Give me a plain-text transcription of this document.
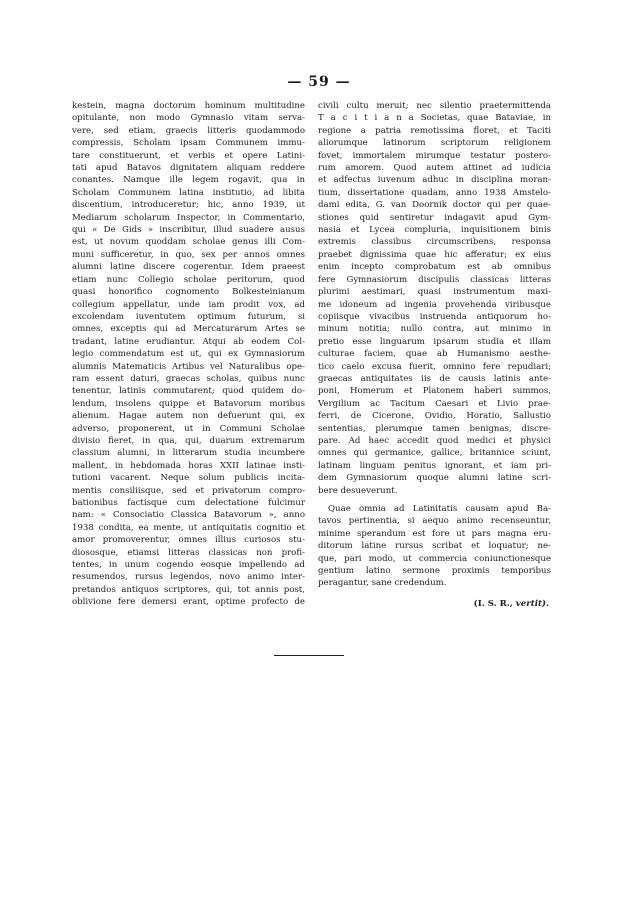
— 59 —
kestein, magna doctorum hominum multitudine
opitulante, non modo Gymnasio vitam serva-
vere, sed etiam, graecis litteris quodammodo
compressis, Scholam ipsam Communem immu-
tare constituerunt, et verbis et opere Latini-
tati apud Batavos dignitatem aliquam reddere
conantes. Namque ille legem rogavit, qua in
Scholam Communem latina institutio, ad libita
discentium, introduceretur; hic, anno 1939, ut
Mediarum scholarum Inspector, in Commentario,
qui « De Gids » inscribitur, illud suadere ausus
est, ut novum quoddam scholae genus illi Com-
muni sufficeretur, in quo, sex per annos omnes
alumni latine discere cogerentur. Idem praeest
etiam nunc Collegio scholae peritorum, quod
quasi honorifico cognomento Bolkesteinianum
collegium appellatur, unde iam prodit vox, ad
excolendam iuventutem optimum futurum, si
omnes, exceptis qui ad Mercaturarum Artes se
tradant, latine erudiantur. Atqui ab eodem Col-
legio commendatum est ut, qui ex Gymnasiorum
alumnis Matematicis Artibus vel Naturalibus ope-
ram essent daturi, graecas scholas, quibus nunc
tenentur, latinis commutarent; quod quidem do-
lendum, insolens quippe et Batavorum moribus
alienum. Hagae autem non defuerunt qui, ex
adverso, proponerent, ut in Communi Scholae
divisio fieret, in qua, qui, duarum extremarum
classium alumni, in litterarum studia incumbere
mallent, in hebdomada horas XXII latinae insti-
tutioni vacarent. Neque solum publicis incita-
mentis consiliisque, sed et privatorum compro-
bationibus factisque cum delectatione fulcimur
nam: « Consociatio Classica Batavorum », anno
1938 condita, ea mente, ut antiquitatis cognitio et
amor promoverentur, omnes illius curiosos stu-
diososque, etiamsi litteras classicas non profi-
tentes, in unum cogendo eosque impellendo ad
resumendos, rursus legendos, novo animo inter-
pretandos antiquos scriptores, qui, tot annis post,
oblivione fere demersi erant, optime profecto de
civili cultu meruit; nec silentio praetermittenda
T a c i t i a n a Societas, quae Bataviae, in
regione a patria remotissima floret, et Taciti
aliorumque latinorum scriptorum religionem
fovet, immortalem mirumque testatur postero-
rum amorem. Quod autem attinet ad iudicia
et adfectus iuvenum adhuc in disciplina moran-
tium, dissertatione quadam, anno 1938 Amstelo-
dami edita, G. van Doornik doctor qui per quae-
stiones quid sentiretur indagavit apud Gym-
nasia et Lycea compluria, inquisitionem binis
extremis classibus circumscribens, responsa
praebet dignissima quae hic afferatur; ex eius
enim incepto comprobatum est ab omnibus
fere Gymnasiorum discipulis classicas litteras
plurimi aestimari, quasi instrumentum maxi-
me idoneum ad ingenia provehenda viribusque
copiisque vivacibus instruenda antiquorum ho-
minum notitia; nullo contra, aut minimo in
pretio esse linguarum ipsarum studia et illam
culturae faciem, quae ab Humanismo aesthe-
tico caelo excusa fuerit, omnino fere repudiari;
graecas antiquitates iis de causis latinis ante-
poni, Homerum et Platonem haberi summos,
Vergilium ac Tacitum Caesari et Livio prae-
ferri, de Cicerone, Ovidio, Horatio, Sallustio
sententias, plerumque tamen benignas, discre-
pare. Ad haec accedit quod medici et physici
omnes qui germanice, gallice, britannice sciunt,
latinam linguam penitus ignorant, et iam pri-
dem Gymnasiorum quoque alumni latine scri-
bere desueverunt.
Quae omnia ad Latinitatis causam apud Ba-
tavos pertinentia, si aequo animo recenseuntur,
minime sperandum est fore ut pars magna eru-
ditorum latine rursus scribat et loquatur; ne-
que, pari modo, ut commercia coniunctionesque
gentium latino sermone proximis temporibus
peragantur, sane credendum.
(I. S. R., vertit).
